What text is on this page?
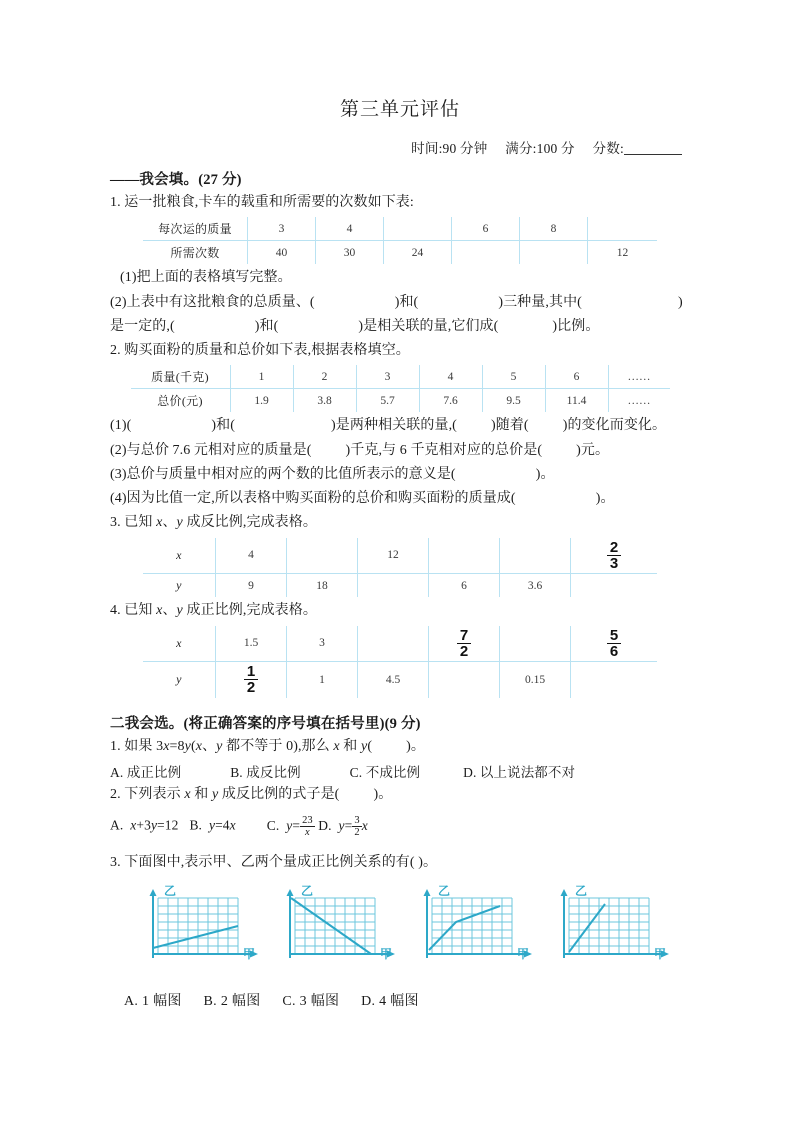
第三单元评估
时间:90 分钟 满分:100 分 分数:
——我会填。(27 分)
1. 运一批粮食,卡车的载重和所需要的次数如下表:
每次运的质量	3	4		6	8	
所需次数	40	30	24			12
(1)把上面的表格填写完整。
(2)上表中有这批粮食的总质量、(	)和(	)三种量,其中(	)
是一定的,(	)和(	)是相关联的量,它们成(	)比例。
2. 购买面粉的质量和总价如下表,根据表格填空。
质量(千克)	1	2	3	4	5	6	……
总价(元)	1.9	3.8	5.7	7.6	9.5	11.4	……
(1)(	)和(	)是两种相关联的量,( )随着( )的变化而变化。
(2)与总价 7.6 元相对应的质量是( )千克,与 6 千克相对应的总价是( )元。
(3)总价与质量中相对应的两个数的比值所表示的意义是(	)。
(4)因为比值一定,所以表格中购买面粉的总价和购买面粉的质量成(	)。
3. 已知 x、y 成反比例,完成表格。
x	4		12			$\frac{2}{3}$

y	9	18		6	3.6	
4. 已知 x、y 成正比例,完成表格。
x	1.5	3		$\frac{7}{2}$		$\frac{5}{6}$

y	$\frac{1}{2}$	1	4.5		0.15	
二我会选。(将正确答案的序号填在括号里)(9 分)
1. 如果 3x=8y(x、y 都不等于 0),那么 x 和 y( )。
A. 成正比例	B. 成反比例	C. 不成比例	D. 以上说法都不对
2. 下列表示 x 和 y 成反比例的式子是( )。
A. x+3y=12 B. y=4x C. $y= \frac{23}{x} D$. $y= \frac{3}{2}$ x
3. 下面图中,表示甲、乙两个量成正比例关系的有( )。
乙
甲
乙
甲
乙
甲
乙
甲
A. 1 幅图 B. 2 幅图 C. 3 幅图 D. 4 幅图
